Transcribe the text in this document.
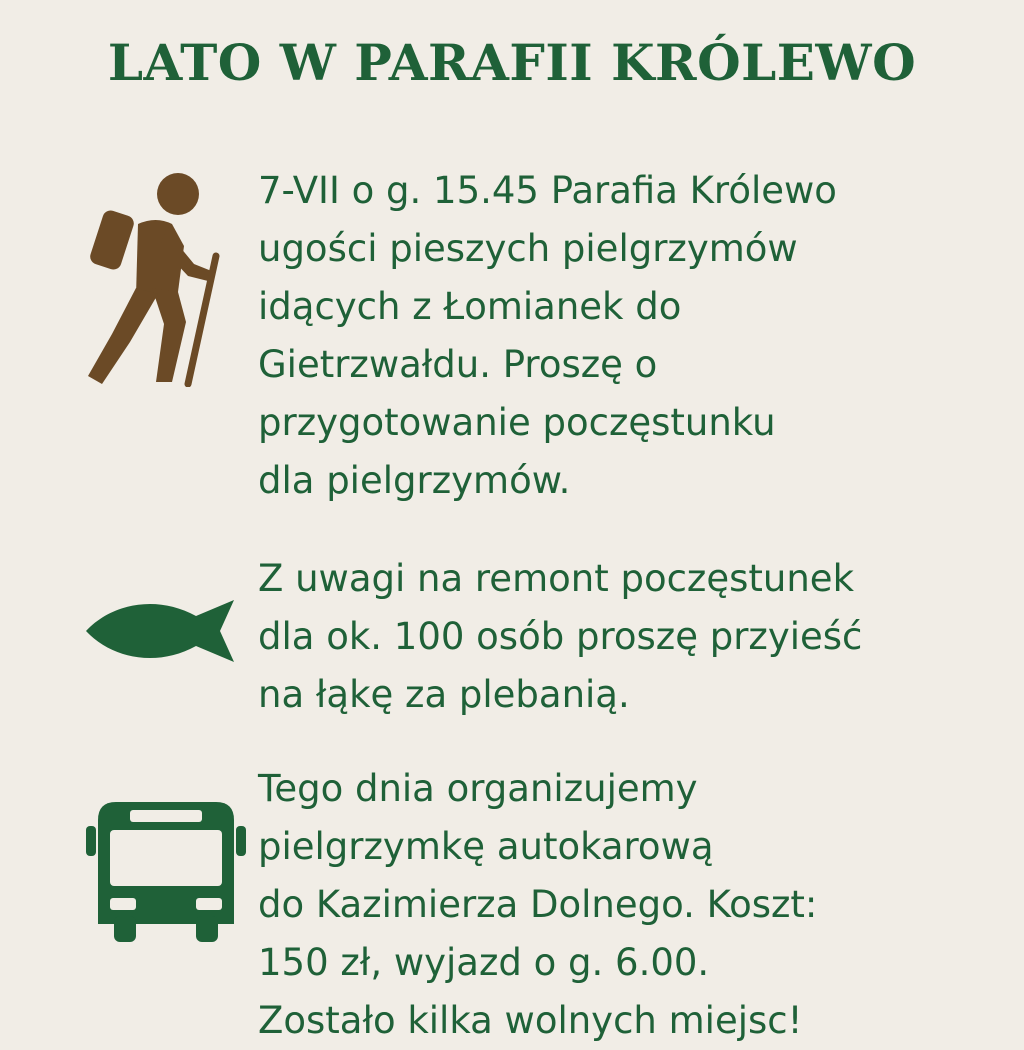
LATO W PARAFII KRÓLEWO
7-VII o g. 15.45 Parafia Królewo
ugości pieszych pielgrzymów
idących z Łomianek do
Gietrzwałdu. Proszę o
przygotowanie poczęstunku
dla pielgrzymów.
Z uwagi na remont poczęstunek
dla ok. 100 osób proszę przyieść
na łąkę za plebanią.
Tego dnia organizujemy
pielgrzymkę autokarową
do Kazimierza Dolnego. Koszt:
150 zł, wyjazd o g. 6.00.
Zostało kilka wolnych miejsc!
